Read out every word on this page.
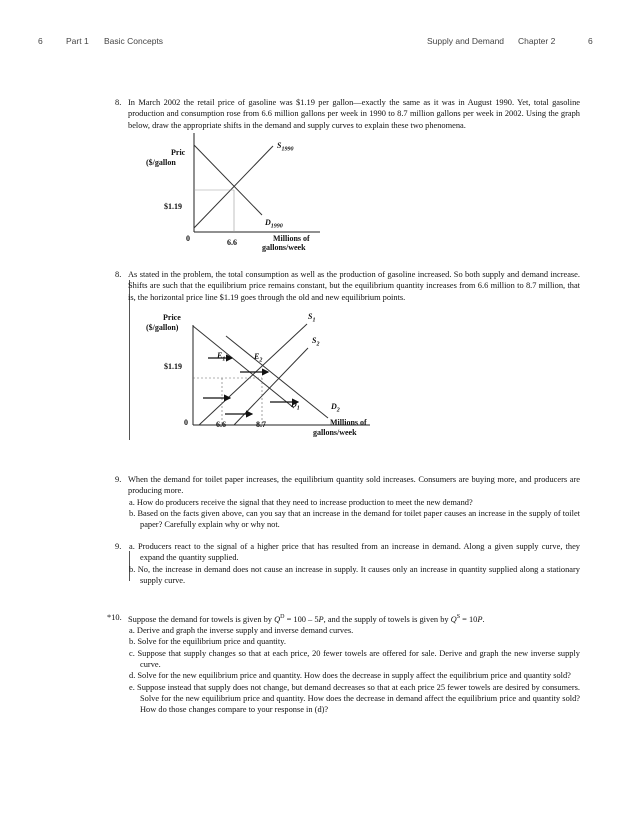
6	Part 1 Basic Concepts	Supply and Demand Chapter 2	6
8. In March 2002 the retail price of gasoline was $1.19 per gallon—exactly the same as it was in August 1990. Yet, total gasoline production and consumption rose from 6.6 million gallons per week in 1990 to 8.7 million gallons per week in 2002. Using the graph below, draw the appropriate shifts in the demand and supply curves to explain these two phenomena.
Pric
($/gallon
$1.19
0	6.6	Millions of
gallons/week
$S_{1990}$
$D_{1990}$
8. As stated in the problem, the total consumption as well as the production of gasoline increased. So both supply and demand increase. Shifts are such that the equilibrium price remains constant, but the equilibrium quantity increases from 6.6 million to 8.7 million, that is, the horizontal price line $1.19 goes through the old and new equilibrium points.
Price
($/gallon)
$1.19
0	6.6	8.7	Millions of
gallons/week
$S_1$
$S_2$
$D_1$	$D_2$
$E_1$	$E_2$
9. When the demand for toilet paper increases, the equilibrium quantity sold increases. Consumers are buying more, and producers are producing more.
a. How do producers receive the signal that they need to increase production to meet the new demand?
b. Based on the facts given above, can you say that an increase in the demand for toilet paper causes an increase in the supply of toilet paper? Carefully explain why or why not.
9. a. Producers react to the signal of a higher price that has resulted from an increase in demand. Along a given supply curve, they expand the quantity supplied.
b. No, the increase in demand does not cause an increase in supply. It causes only an increase in quantity supplied along a stationary supply curve.
*10. Suppose the demand for towels is given by $Q^D = 100 - 5P$, and the supply of towels is given by $Q^S = 10P$.
a. Derive and graph the inverse supply and inverse demand curves.
b. Solve for the equilibrium price and quantity.
c. Suppose that supply changes so that at each price, 20 fewer towels are offered for sale. Derive and graph the new inverse supply curve.
d. Solve for the new equilibrium price and quantity. How does the decrease in supply affect the equilibrium price and quantity sold?
e. Suppose instead that supply does not change, but demand decreases so that at each price 25 fewer towels are desired by consumers. Solve for the new equilibrium price and quantity. How does the decrease in demand affect the equilibrium price and quantity sold? How do those changes compare to your response in (d)?
